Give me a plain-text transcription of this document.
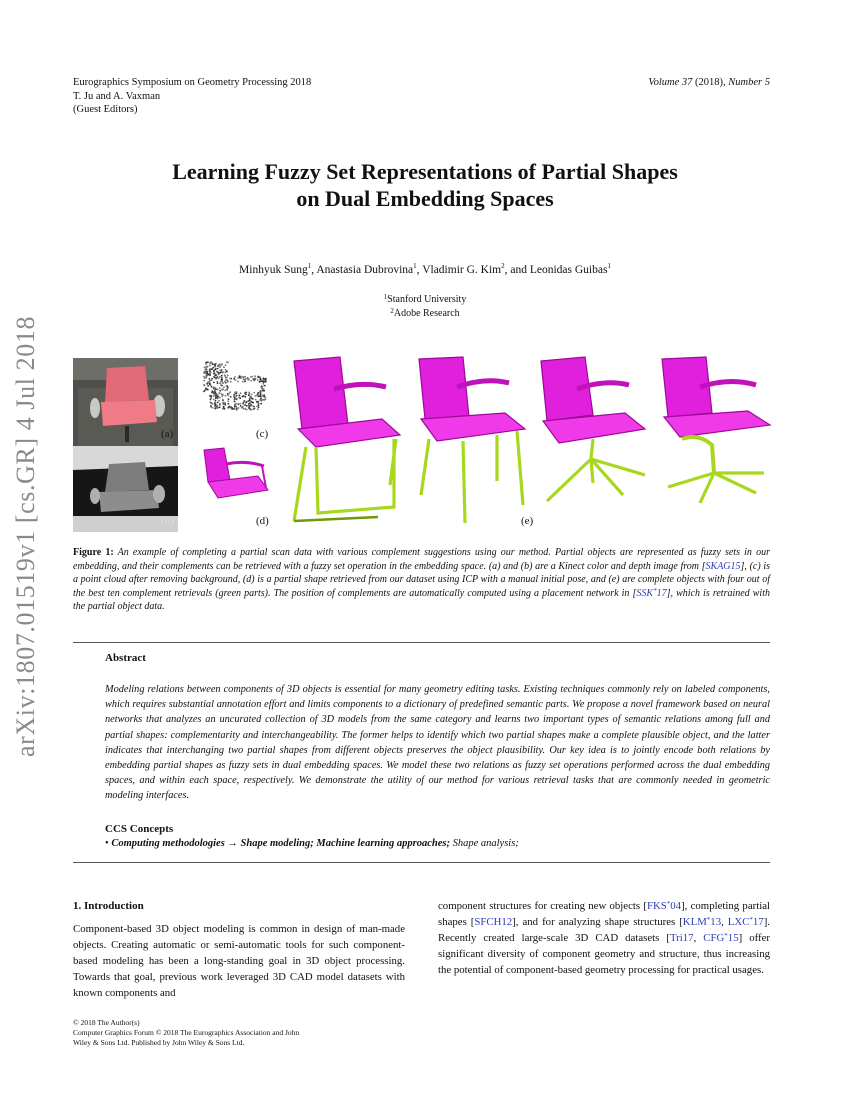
Eurographics Symposium on Geometry Processing 2018
T. Ju and A. Vaxman
(Guest Editors)
Volume 37 (2018), Number 5
Learning Fuzzy Set Representations of Partial Shapes
on Dual Embedding Spaces
Minhyuk Sung$^1$, Anastasia Dubrovina$^1$, Vladimir G. Kim$^2$, and Leonidas Guibas$^1$
$^1$Stanford University
$^2$Adobe Research
arXiv:1807.01519v1 [cs.GR] 4 Jul 2018	(a)
(b)
(c)
(d)	(e)
Figure 1: An example of completing a partial scan data with various complement suggestions using our method. Partial objects are represented as fuzzy sets in our embedding, and their complements can be retrieved with a fuzzy set operation in the embedding space. (a) and (b) are a Kinect color and depth image from [SKAG15], (c) is a point cloud after removing background, (d) is a partial shape retrieved from our dataset using ICP with a manual initial pose, and (e) are complete objects with four out of the best ten complement retrievals (green parts). The position of complements are automatically computed using a placement network in [SSK*17], which is retrained with the partial object data.
Abstract
Modeling relations between components of 3D objects is essential for many geometry editing tasks. Existing techniques commonly rely on labeled components, which requires substantial annotation effort and limits components to a dictionary of predefined semantic parts. We propose a novel framework based on neural networks that analyzes an uncurated collection of 3D models from the same category and learns two important types of semantic relations among full and partial shapes: complementarity and interchangeability. The former helps to identify which two partial shapes make a complete plausible object, and the latter indicates that interchanging two partial shapes from different objects preserves the object plausibility. Our key idea is to jointly encode both relations by embedding partial shapes as fuzzy sets in dual embedding spaces. We model these two relations as fuzzy set operations performed across the dual embedding spaces, and within each space, respectively. We demonstrate the utility of our method for various retrieval tasks that are commonly needed in geometric modeling interfaces.
CCS Concepts
• Computing methodologies → Shape modeling; Machine learning approaches; Shape analysis;
1. Introduction
Component-based 3D object modeling is common in design of man-made objects. Creating automatic or semi-automatic tools for such component-based modeling has been a long-standing goal in 3D object processing. Towards that goal, previous work leveraged 3D CAD model datasets with known components and
component structures for creating new objects [FKS*04], completing partial shapes [SFCH12], and for analyzing shape structures [KLM*13, LXC*17]. Recently created large-scale 3D CAD datasets [Tri17, CFG*15] offer significant diversity of component geometry and structure, thus increasing the potential of component-based geometry processing for practical usages.
© 2018 The Author(s)
Computer Graphics Forum © 2018 The Eurographics Association and John
Wiley & Sons Ltd. Published by John Wiley & Sons Ltd.
